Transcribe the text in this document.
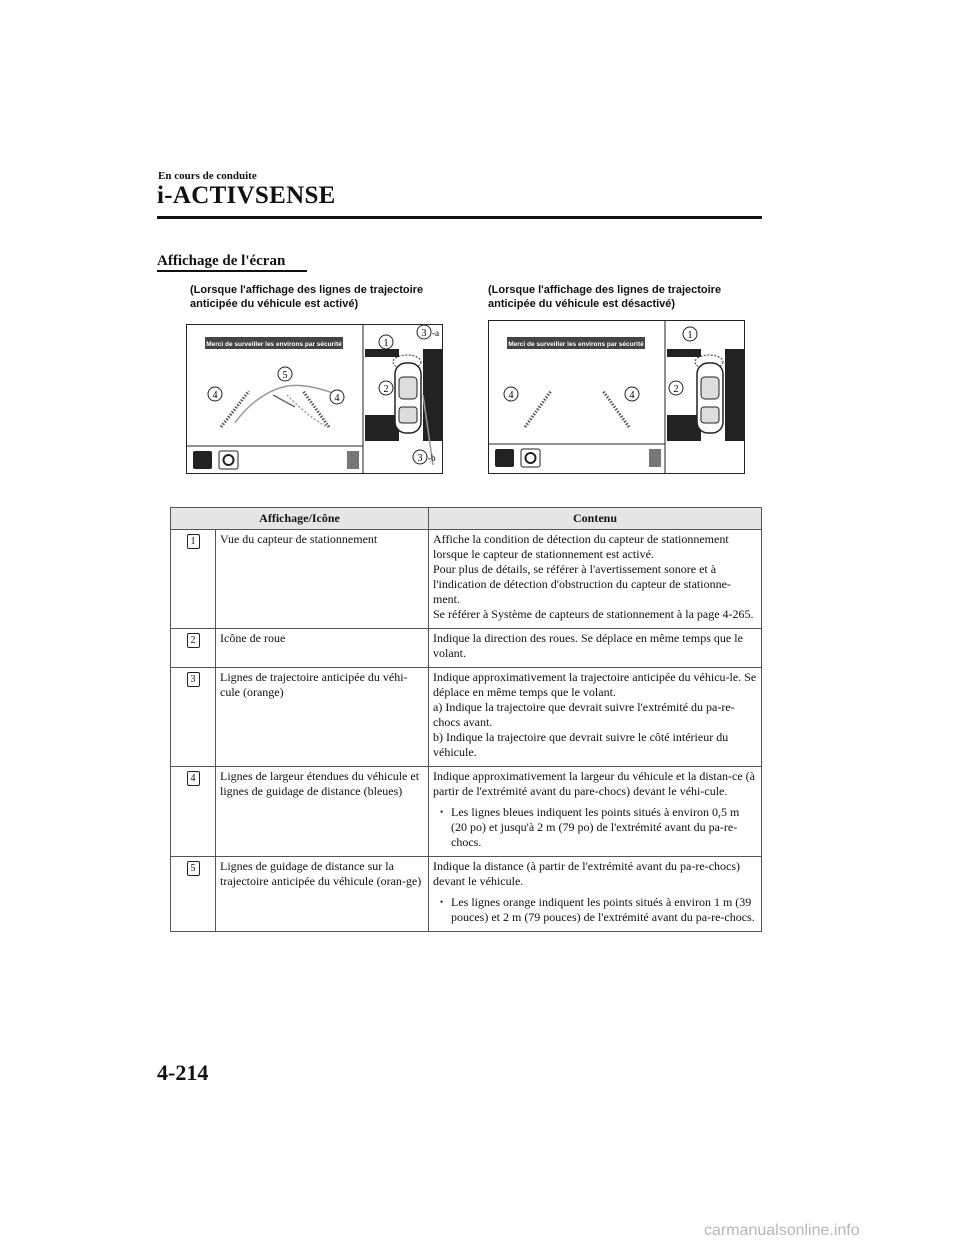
En cours de conduite
i-ACTIVSENSE
Affichage de l'écran
(Lorsque l'affichage des lignes de trajectoire anticipée du véhicule est activé)
(Lorsque l'affichage des lignes de trajectoire anticipée du véhicule est désactivé)
Merci de surveiller les environs par sécurité	1
3 -a
2
4	4
5
3 -b
Merci de surveiller les environs par sécurité
1
2
4	4
Affichage/Icône		Contenu
1	Vue du capteur de stationnement	Affiche la condition de détection du capteur de stationnement lorsque le capteur de stationnement est activé.
Pour plus de détails, se référer à l'avertissement sonore et à l'indication de détection d'obstruction du capteur de stationne-ment.
Se référer à Système de capteurs de stationnement à la page 4-265.

2	Icône de roue	Indique la direction des roues. Se déplace en même temps que le volant.

3	Lignes de trajectoire anticipée du véhi-cule (orange)	Indique approximativement la trajectoire anticipée du véhicu-le. Se déplace en même temps que le volant.
a) Indique la trajectoire que devrait suivre l'extrémité du pa-re-chocs avant.
b) Indique la trajectoire que devrait suivre le côté intérieur du véhicule.

4	Lignes de largeur étendues du véhicule et lignes de guidage de distance (bleues)	Indique approximativement la largeur du véhicule et la distan-ce (à partir de l'extrémité avant du pare-chocs) devant le véhi-cule.
• Les lignes bleues indiquent les points situés à environ 0,5 m (20 po) et jusqu'à 2 m (79 po) de l'extrémité avant du pa-re-chocs.

5	Lignes de guidage de distance sur la trajectoire anticipée du véhicule (oran-ge)	Indique la distance (à partir de l'extrémité avant du pa-re-chocs) devant le véhicule.
• Les lignes orange indiquent les points situés à environ 1 m (39 pouces) et 2 m (79 pouces) de l'extrémité avant du pa-re-chocs.
4-214
carmanualsonline.info
